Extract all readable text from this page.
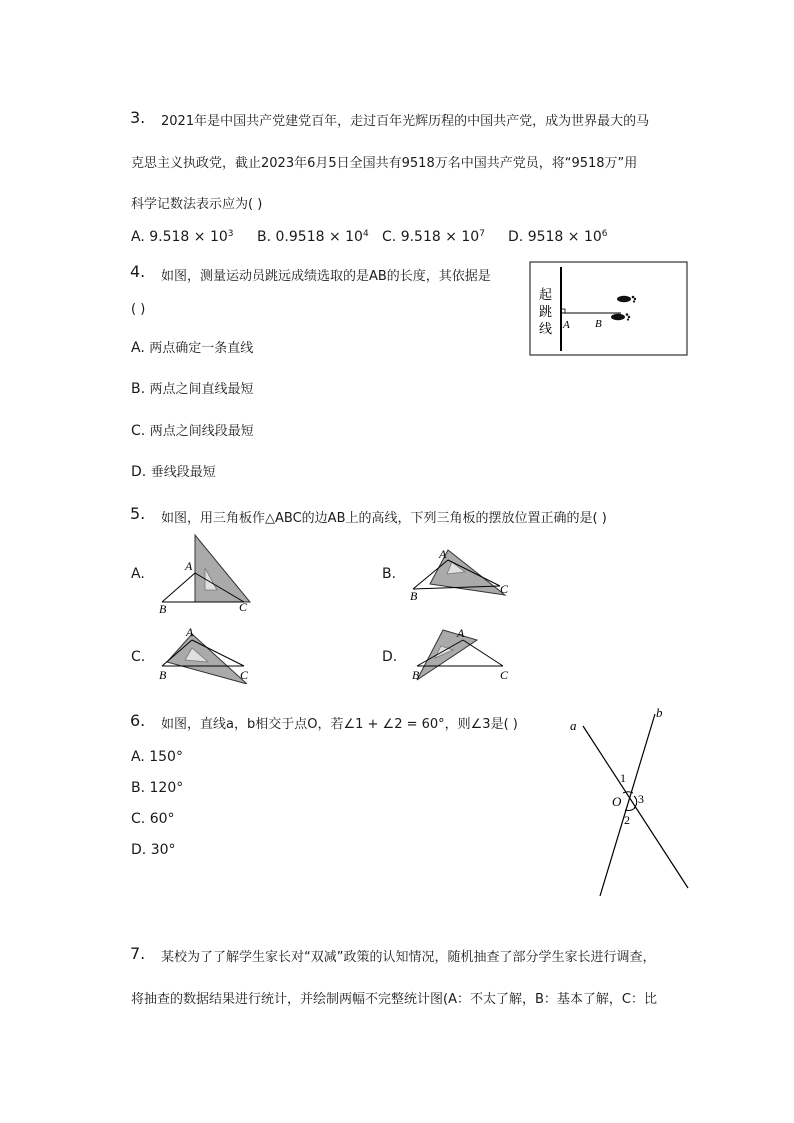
3. 2021年是中国共产党建党百年，走过百年光辉历程的中国共产党，成为世界最大的马
克思主义执政党，截止2023年6月5日全国共有9518万名中国共产党员，将“9518万”用
科学记数法表示应为( )
A. $9.518 \times 10^3$ B. $0.9518 \times 10^4$ C. $9.518 \times 10^7$ D. $9518 \times 10^6$
4. 如图，测量运动员跳远成绩选取的是AB的长度，其依据是
( )
A. 两点确定一条直线
B. 两点之间直线最短
C. 两点之间线段最短
D. 垂线段最短
起
跳
线 A B
5. 如图，用三角板作△ABC的边AB上的高线，下列三角板的摆放位置正确的是( )
A.	A
B	C
B.
A
B	C
C.
A
B	C
D.
A
B	C
6. 如图，直线a，b相交于点O，若∠1 + ∠2 = 60°，则∠3是( )
A. 150°
B. 120°
C. 60°
D. 30°
a
b
O
1
2
3
7. 某校为了了解学生家长对“双减”政策的认知情况，随机抽查了部分学生家长进行调查，
将抽查的数据结果进行统计，并绘制两幅不完整统计图(A：不太了解，B：基本了解，C：比
